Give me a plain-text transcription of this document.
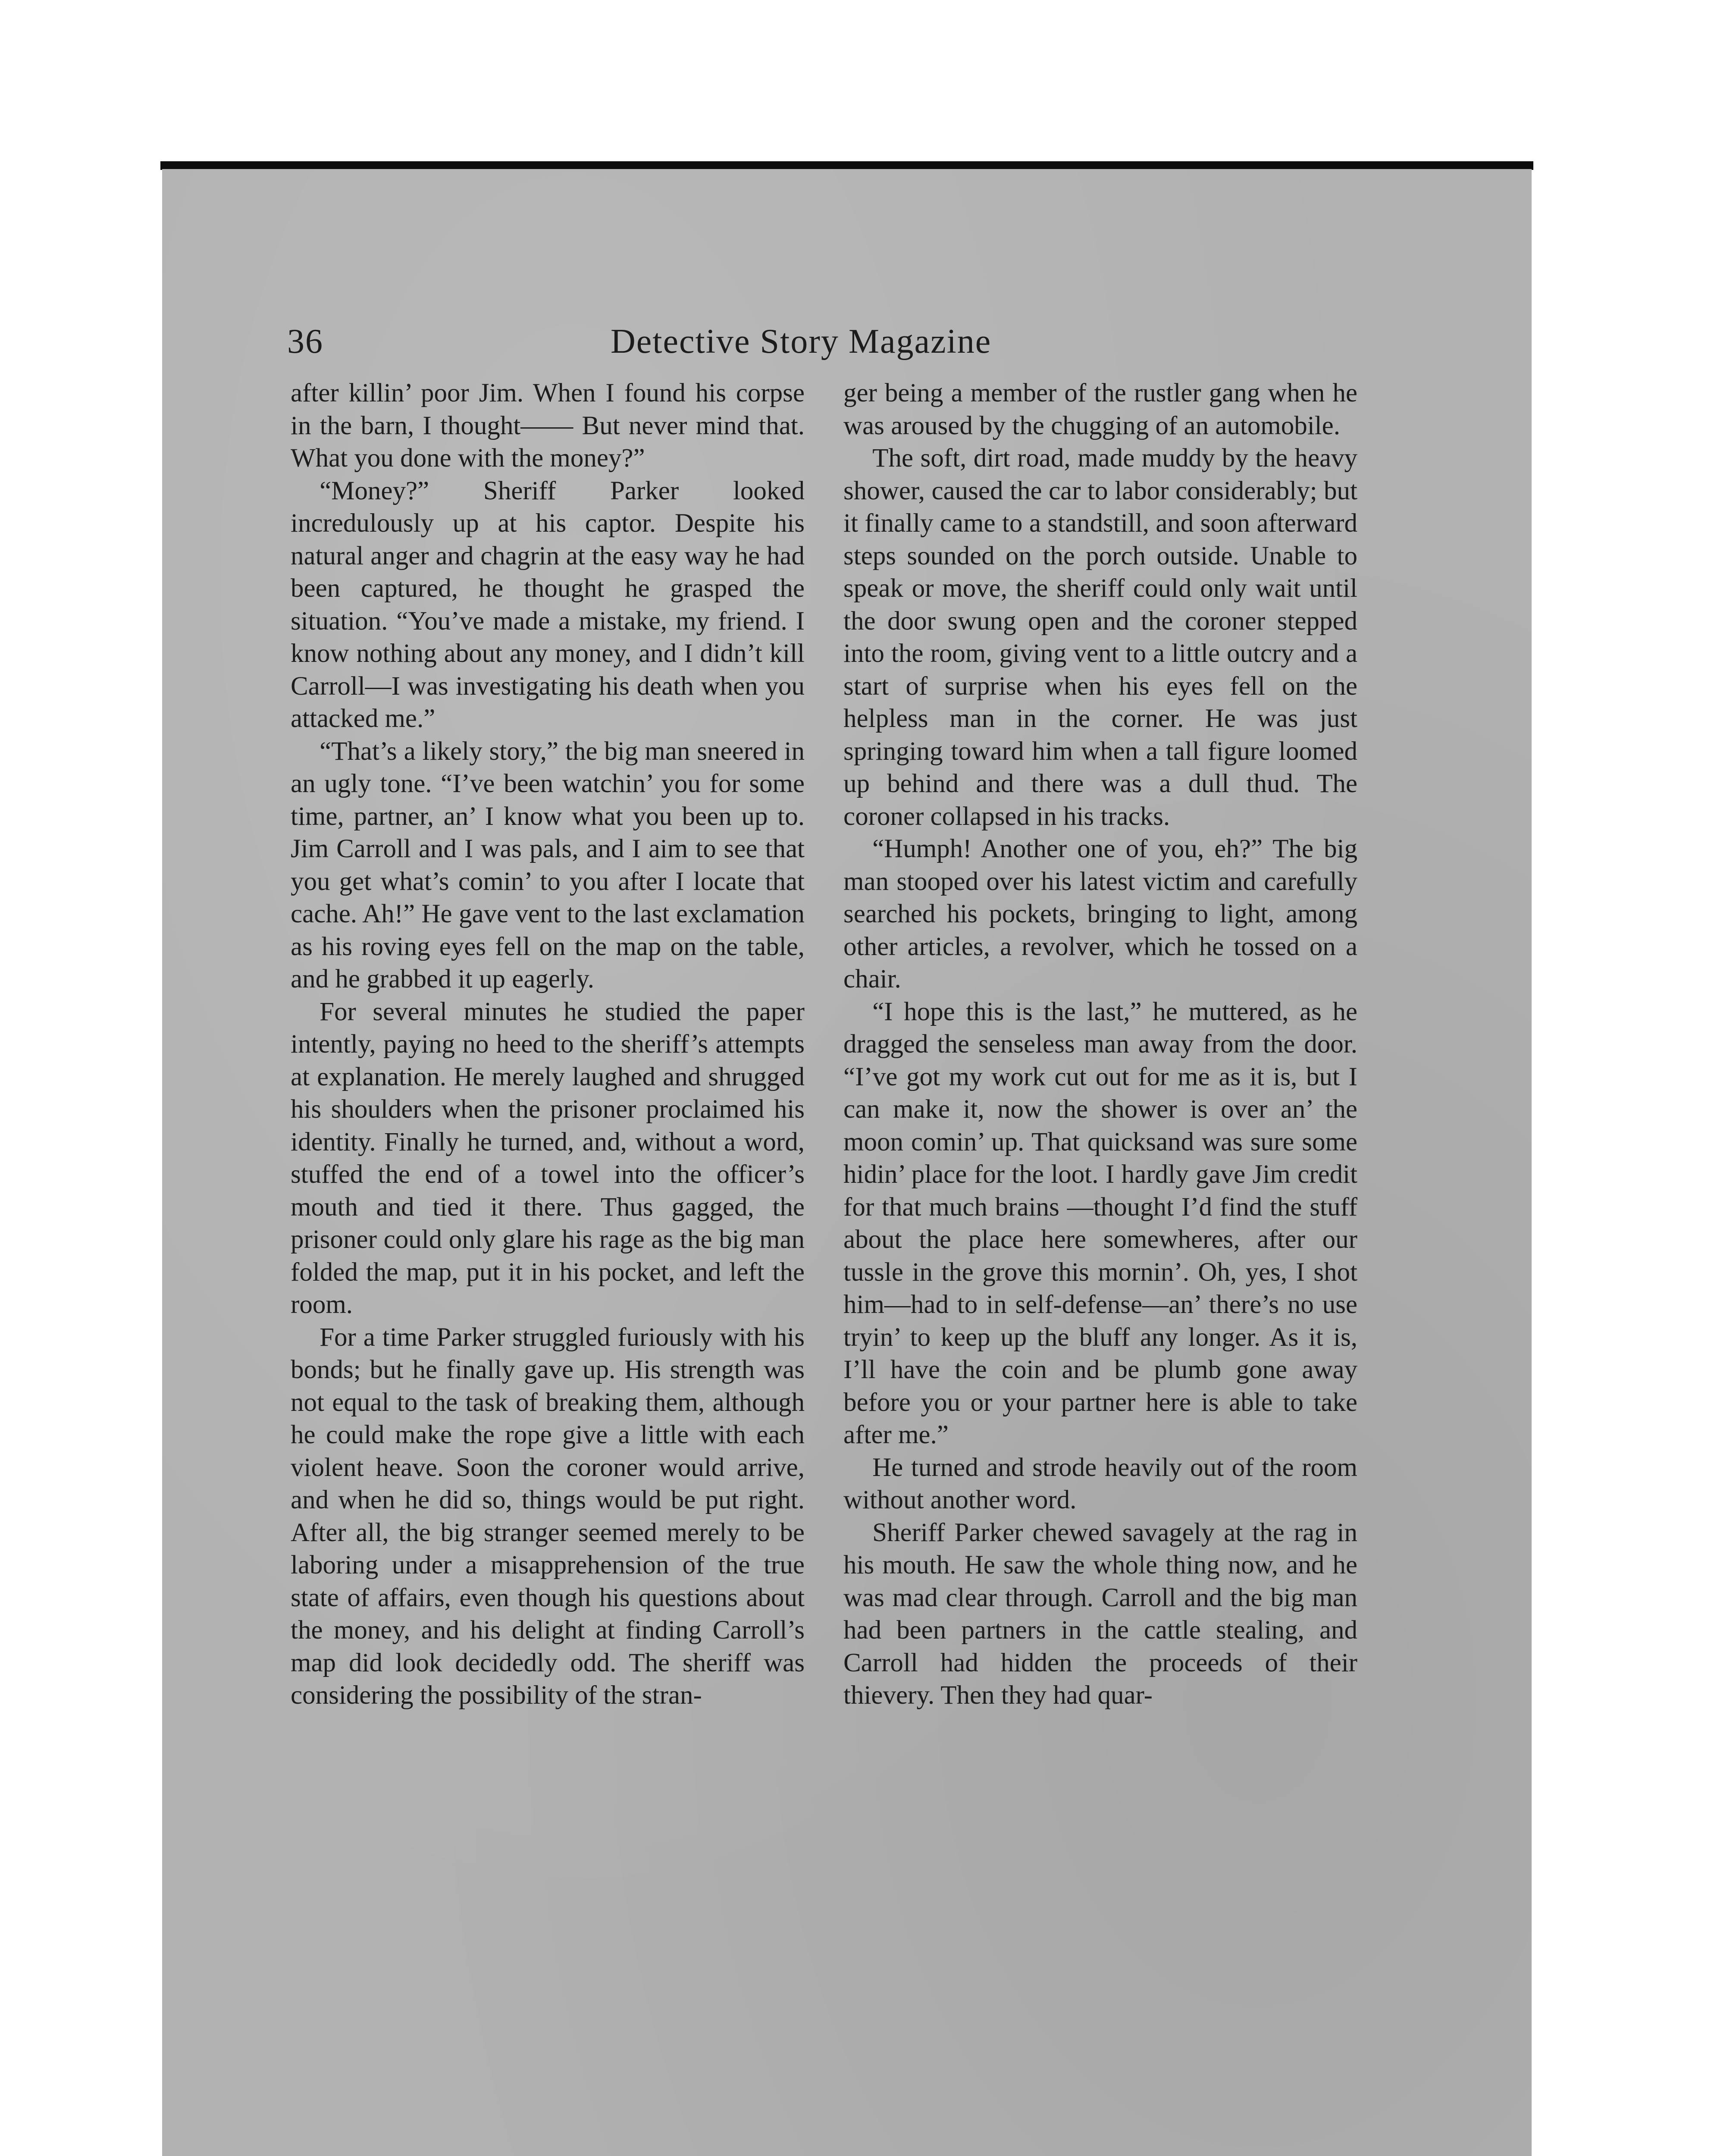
36	Detective Story Magazine

after killin’ poor Jim. When I found his corpse in the barn, I thought—— But never mind that. What you done with the money?”

“Money?” Sheriff Parker looked incredulously up at his captor. Despite his natural anger and chagrin at the easy way he had been captured, he thought he grasped the situation. “You’ve made a mistake, my friend. I know nothing about any money, and I didn’t kill Carroll—I was investigating his death when you attacked me.”

“That’s a likely story,” the big man sneered in an ugly tone. “I’ve been watchin’ you for some time, partner, an’ I know what you been up to. Jim Carroll and I was pals, and I aim to see that you get what’s comin’ to you after I locate that cache. Ah!” He gave vent to the last exclamation as his roving eyes fell on the map on the table, and he grabbed it up eagerly.

For several minutes he studied the paper intently, paying no heed to the sheriff’s attempts at explanation. He merely laughed and shrugged his shoulders when the prisoner proclaimed his identity. Finally he turned, and, without a word, stuffed the end of a towel into the officer’s mouth and tied it there. Thus gagged, the prisoner could only glare his rage as the big man folded the map, put it in his pocket, and left the room.

For a time Parker struggled furiously with his bonds; but he finally gave up. His strength was not equal to the task of breaking them, although he could make the rope give a little with each violent heave. Soon the coroner would arrive, and when he did so, things would be put right. After all, the big stranger seemed merely to be laboring under a misapprehension of the true state of affairs, even though his questions about the money, and his delight at finding Carroll’s map did look decidedly odd. The sheriff was considering the possibility of the stran-

ger being a member of the rustler gang when he was aroused by the chugging of an automobile.

The soft, dirt road, made muddy by the heavy shower, caused the car to labor considerably; but it finally came to a standstill, and soon afterward steps sounded on the porch outside. Unable to speak or move, the sheriff could only wait until the door swung open and the coroner stepped into the room, giving vent to a little outcry and a start of surprise when his eyes fell on the helpless man in the corner. He was just springing toward him when a tall figure loomed up behind and there was a dull thud. The coroner collapsed in his tracks.

“Humph! Another one of you, eh?” The big man stooped over his latest victim and carefully searched his pockets, bringing to light, among other articles, a revolver, which he tossed on a chair.

“I hope this is the last,” he muttered, as he dragged the senseless man away from the door. “I’ve got my work cut out for me as it is, but I can make it, now the shower is over an’ the moon comin’ up. That quicksand was sure some hidin’ place for the loot. I hardly gave Jim credit for that much brains —thought I’d find the stuff about the place here somewheres, after our tussle in the grove this mornin’. Oh, yes, I shot him—had to in self-defense—an’ there’s no use tryin’ to keep up the bluff any longer. As it is, I’ll have the coin and be plumb gone away before you or your partner here is able to take after me.”

He turned and strode heavily out of the room without another word.

Sheriff Parker chewed savagely at the rag in his mouth. He saw the whole thing now, and he was mad clear through. Carroll and the big man had been partners in the cattle stealing, and Carroll had hidden the proceeds of their thievery. Then they had quar-
